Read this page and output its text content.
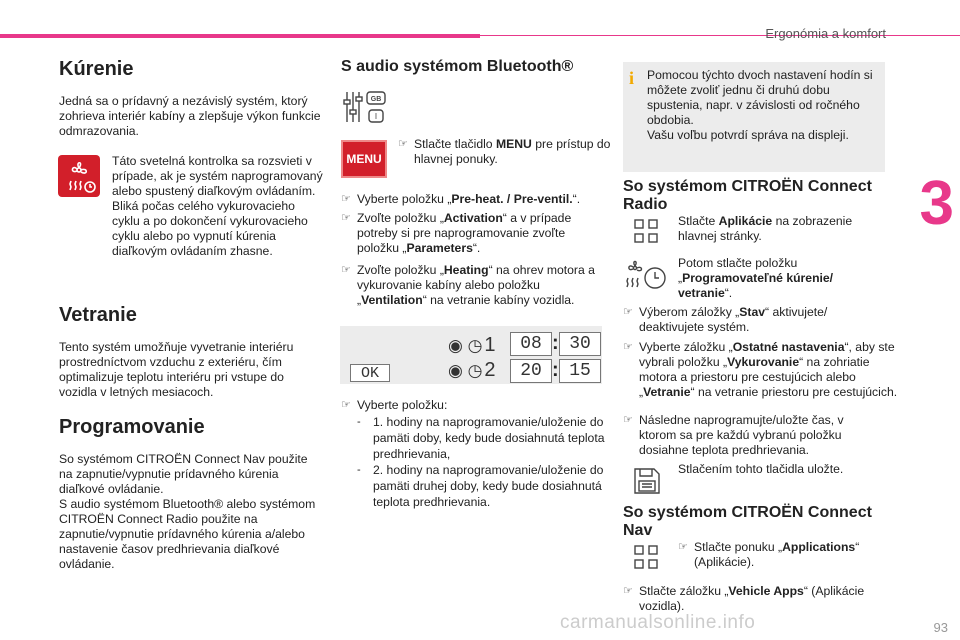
Ergonómia a komfort
3
93
carmanualsonline.info
Kúrenie

Jedná sa o prídavný a nezávislý systém, ktorý zohrieva interiér kabíny a zlepšuje výkon funkcie odmrazovania.

Táto svetelná kontrolka sa rozsvieti v prípade, ak je systém naprogramovaný alebo spustený diaľkovým ovládaním.
Bliká počas celého vykurovacieho cyklu a po dokončení vykurovacieho cyklu alebo po vypnutí kúrenia diaľkovým ovládaním zhasne.

Vetranie

Tento systém umožňuje vyvetranie interiéru prostredníctvom vzduchu z exteriéru, čím optimalizuje teplotu interiéru pri vstupe do vozidla v letných mesiacoch.

Programovanie

So systémom CITROËN Connect Nav použite na zapnutie/vypnutie prídavného kúrenia diaľkové ovládanie.
S audio systémom Bluetooth® alebo systémom CITROËN Connect Radio použite na zapnutie/vypnutie prídavného kúrenia a/alebo nastavenie časov predhrievania diaľkové ovládanie.

S audio systémom Bluetooth®
GB
I
MENU
☞ Stlačte tlačidlo MENU pre prístup do hlavnej ponuky.
☞ Vyberte položku „Pre-heat. / Pre-ventil.“.
☞ Zvoľte položku „Activation“ a v prípade potreby si pre naprogramovanie zvoľte položku „Parameters“.
☞ Zvoľte položku „Heating“ na ohrev motora a vykurovanie kabíny alebo položku „Ventilation“ na vetranie kabíny vozidla.
OK
◉ ◷ 1	08 : 30
◉ ◷ 2	20 : 15
☞ Vyberte položku:
- 1. hodiny na naprogramovanie/uloženie do pamäti doby, kedy bude dosiahnutá teplota predhrievania,
- 2. hodiny na naprogramovanie/uloženie do pamäti druhej doby, kedy bude dosiahnutá teplota predhrievania.
i Pomocou týchto dvoch nastavení hodín si môžete zvoliť jednu či druhú dobu spustenia, napr. v závislosti od ročného obdobia.
Vašu voľbu potvrdí správa na displeji.

So systémom CITROËN Connect Radio
Stlačte Aplikácie na zobrazenie hlavnej stránky.
Potom stlačte položku „Programovateľné kúrenie/ vetranie“.
☞ Výberom záložky „Stav“ aktivujete/ deaktivujete systém.
☞ Vyberte záložku „Ostatné nastavenia“, aby ste vybrali položku „Vykurovanie“ na zohriatie motora a priestoru pre cestujúcich alebo „Vetranie“ na vetranie priestoru pre cestujúcich.
☞ Následne naprogramujte/uložte čas, v ktorom sa pre každú vybranú položku dosiahne teplota predhrievania.

Stlačením tohto tlačidla uložte.

So systémom CITROËN Connect Nav
☞ Stlačte ponuku „Applications“ (Aplikácie).
☞ Stlačte záložku „Vehicle Apps“ (Aplikácie vozidla).
